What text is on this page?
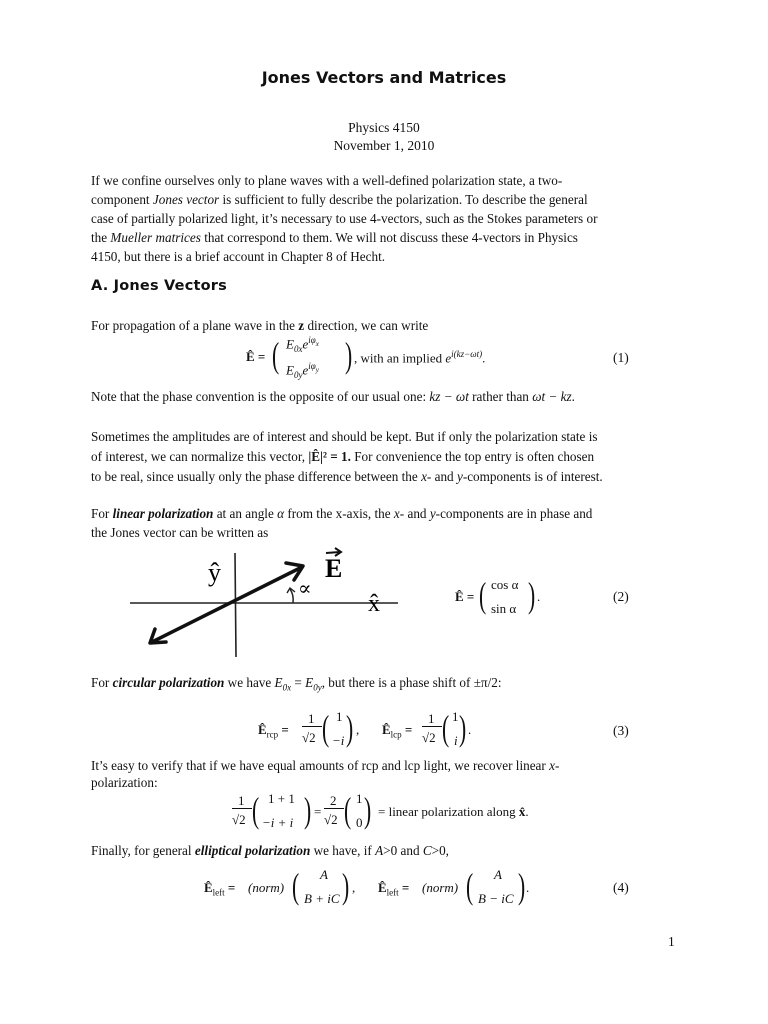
Jones Vectors and Matrices
Physics 4150
November 1, 2010
If we confine ourselves only to plane waves with a well-defined polarization state, a two-
component Jones vector is sufficient to fully describe the polarization. To describe the general
case of partially polarized light, it’s necessary to use 4-vectors, such as the Stokes parameters or
the Mueller matrices that correspond to them. We will not discuss these 4-vectors in Physics
4150, but there is a brief account in Chapter 8 of Hecht.
A. Jones Vectors
For propagation of a plane wave in the z direction, we can write
Ê = ( $E_{0x}e^{i\varphi_x}$
$E_{0y}e^{i\varphi_y}$ ) , with an implied $e^{i(kz-\omega t)}$.	(1)
Note that the phase convention is the opposite of our usual one: kz − ωt rather than ωt − kz.
Sometimes the amplitudes are of interest and should be kept. But if only the polarization state is
of interest, we can normalize this vector, |Ê|² = 1. For convenience the top entry is often chosen
to be real, since usually only the phase difference between the x- and y-components is of interest.
For linear polarization at an angle α from the x-axis, the x- and y-components are in phase and
the Jones vector can be written as
ŷ
x̂
E
∝	Ê = ( cos α
sin α ) .	(2)
For circular polarization we have $E_{0x} = E_{0y}$, but there is a phase shift of ±π/2:
$Ê_{rcp}$ =
1
√2 ( 1
−i ) , $Ê_{lcp}$ =
1
√2 ( 1
i ) .	(3)
It’s easy to verify that if we have equal amounts of rcp and lcp light, we recover linear x-
polarization:
1
√2 ( 1 + 1
−i + i ) =
2
√2 ( 1
0 ) = linear polarization along x̂.
Finally, for general elliptical polarization we have, if A>0 and C>0,
$Ê_{left}$ = (norm) ( A
B + iC ) , $Ê_{left}$ = (norm) ( A
B − iC ) .	(4)
1
